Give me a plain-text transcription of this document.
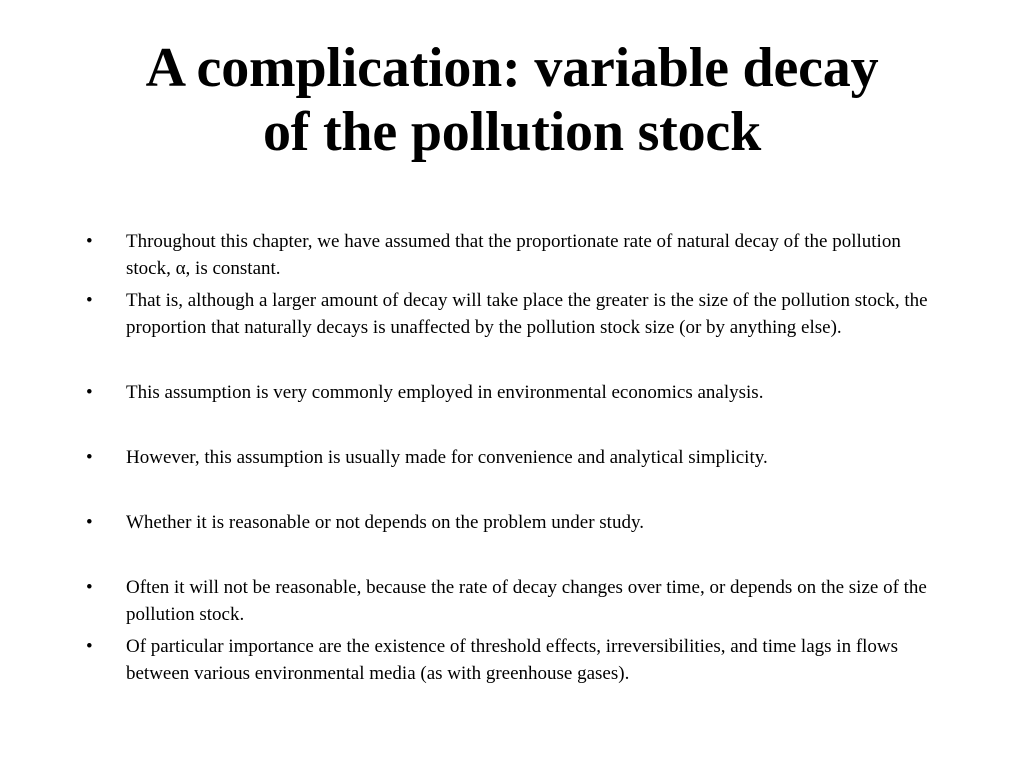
A complication: variable decay
of the pollution stock
• Throughout this chapter, we have assumed that the proportionate rate of natural decay of the pollution stock, α, is constant.
• That is, although a larger amount of decay will take place the greater is the size of the pollution stock, the proportion that naturally decays is unaffected by the pollution stock size (or by anything else).
• This assumption is very commonly employed in environmental economics analysis.
• However, this assumption is usually made for convenience and analytical simplicity.
• Whether it is reasonable or not depends on the problem under study.
• Often it will not be reasonable, because the rate of decay changes over time, or depends on the size of the pollution stock.
• Of particular importance are the existence of threshold effects, irreversibilities, and time lags in flows between various environmental media (as with greenhouse gases).
